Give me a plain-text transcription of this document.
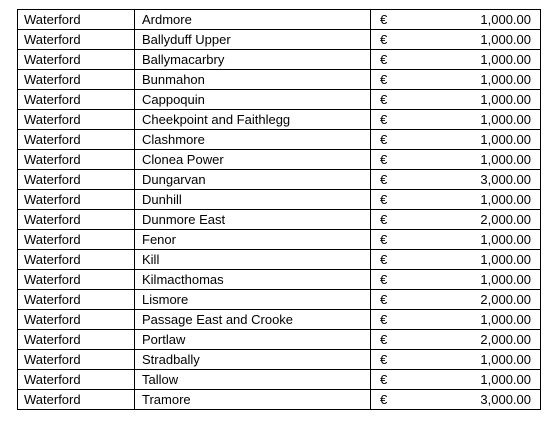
Waterford	Ardmore	€ 1,000.00

Waterford	Ballyduff Upper	€ 1,000.00

Waterford	Ballymacarbry	€ 1,000.00

Waterford	Bunmahon	€ 1,000.00

Waterford	Cappoquin	€ 1,000.00

Waterford	Cheekpoint and Faithlegg	€ 1,000.00

Waterford	Clashmore	€ 1,000.00

Waterford	Clonea Power	€ 1,000.00

Waterford	Dungarvan	€ 3,000.00

Waterford	Dunhill	€ 1,000.00

Waterford	Dunmore East	€ 2,000.00

Waterford	Fenor	€ 1,000.00

Waterford	Kill	€ 1,000.00

Waterford	Kilmacthomas	€ 1,000.00

Waterford	Lismore	€ 2,000.00

Waterford	Passage East and Crooke	€ 1,000.00

Waterford	Portlaw	€ 2,000.00

Waterford	Stradbally	€ 1,000.00

Waterford	Tallow	€ 1,000.00

Waterford	Tramore	€ 3,000.00
